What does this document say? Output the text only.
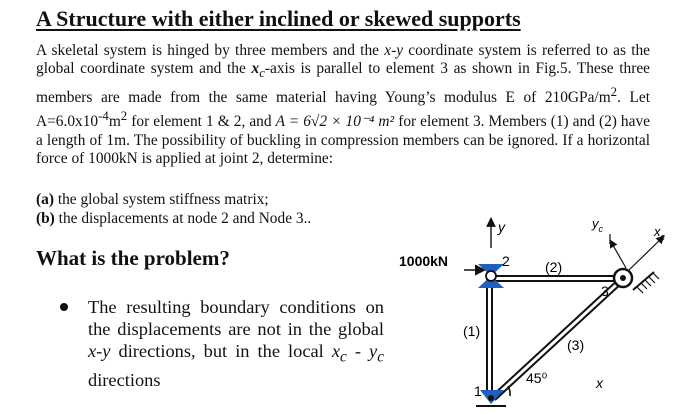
A Structure with either inclined or skewed supports
A skeletal system is hinged by three members and the x-y coordinate system is referred to as the global coordinate system and the $x_c$-axis is parallel to element 3 as shown in Fig.5. These three members are made from the same material having Young’s modulus E of $210GPa/m^2$. Let $A=6.0x10^{-4}m^2$ for element 1 & 2, and A = 6√2 × 10⁻⁴ m² for element 3. Members (1) and (2) have a length of 1m. The possibility of buckling in compression members can be ignored. If a horizontal force of 1000kN is applied at joint 2, determine:
(a) the global system stiffness matrix;
(b) the displacements at node 2 and Node 3..
What is the problem?
The resulting boundary conditions on the displacements are not in the global x-y directions, but in the local $x_c - y_c$ directions
y
1000kN	2
1
3
(2)
(1)
(3)
45⁰	x
$y_c$	$x_c$
